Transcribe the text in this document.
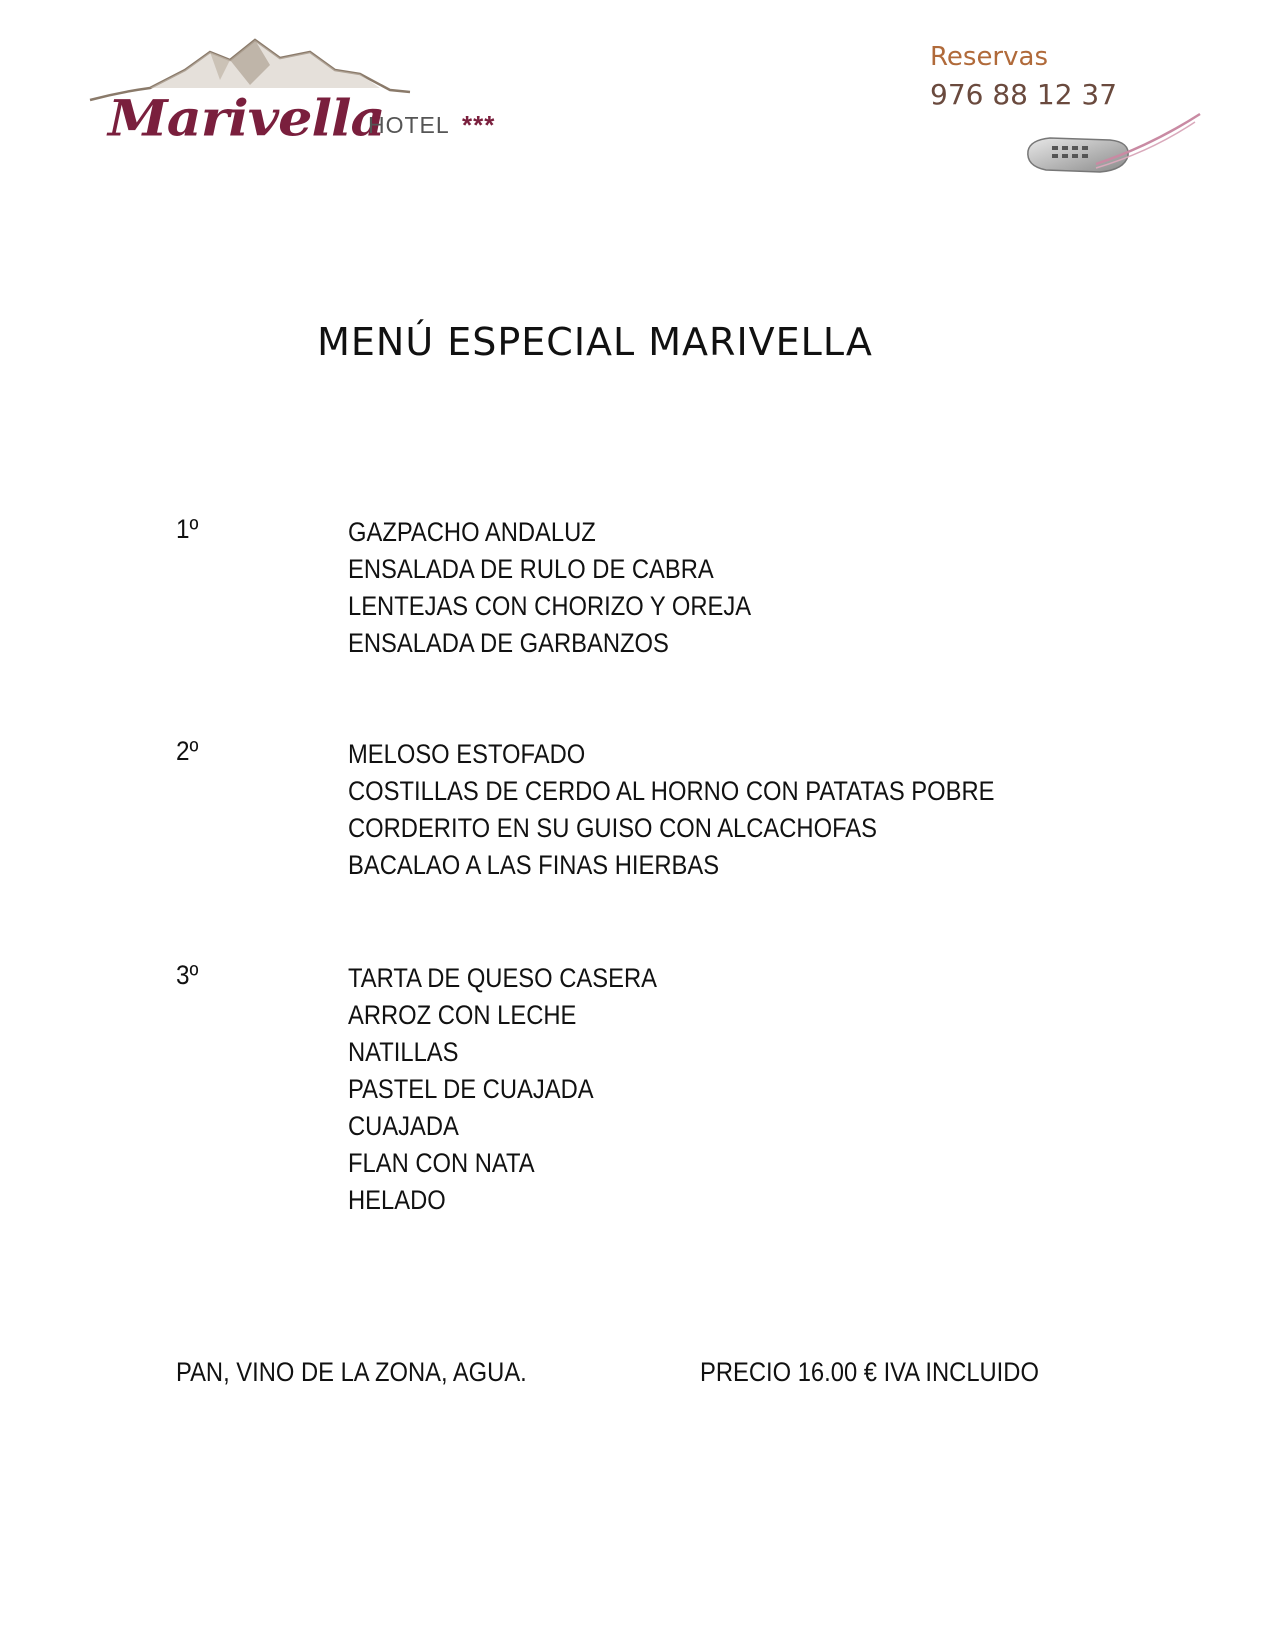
Marivella
HOTEL ***
Reservas
976 88 12 37
MENÚ ESPECIAL MARIVELLA
1º	GAZPACHO ANDALUZ
ENSALADA DE RULO DE CABRA
LENTEJAS CON CHORIZO Y OREJA
ENSALADA DE GARBANZOS
2º	MELOSO ESTOFADO
COSTILLAS DE CERDO AL HORNO CON PATATAS POBRE
CORDERITO EN SU GUISO CON ALCACHOFAS
BACALAO A LAS FINAS HIERBAS
3º	TARTA DE QUESO CASERA
ARROZ CON LECHE
NATILLAS
PASTEL DE CUAJADA
CUAJADA
FLAN CON NATA
HELADO
PAN, VINO DE LA ZONA, AGUA.	PRECIO 16.00 € IVA INCLUIDO
